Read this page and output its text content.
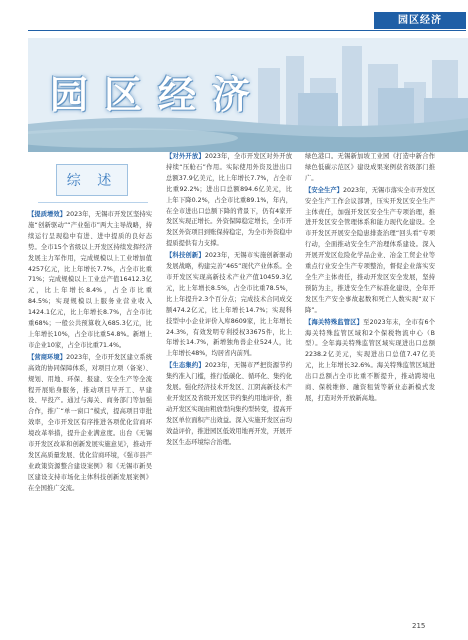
园区经济
园区经济
综 述

【提质增效】2023年，无锡市开发区坚持实施“创新驱动”“产业强市”两大主导战略，持续运行呈现稳中有进、进中提质的良好态势。全市15个省级以上开发区持续发挥经济发展主力军作用，完成规模以上工业增加值4257亿元，比上年增长7.7%，占全市比重71%；完成规模以上工业总产值16412.3亿元，比上年增长8.4%，占全市比重84.5%；实现规模以上服务业营业收入1424.1亿元，比上年增长8.7%，占全市比重68%；一般公共预算收入685.3亿元，比上年增长10%，占全市比重54.8%。新增上市企业10家，占全市比重71.4%。

【营商环境】2023年，全市开发区建立系统高效的协同保障体系，对项目立项（备案）、规划、用地、环保、报建、安全生产等全流程开展贴身服务，推动项目早开工、早建设、早投产。通过与海关、商务部门等加强合作，推广“单一窗口”模式，提高项目审批效率，全市开发区有序推进各项优化营商环境改革举措，提升企业满意度。出台《无锡市开发区改革和创新发展实施意见》，推动开发区高质量发展、优化营商环境，《强市县产业政策资源整合建设案例》和《无锡市新吴区建设支持市场化主体科技创新发展案例》在全国推广交流。

【对外开放】2023年，全市开发区对外开放持续“压舱石”作用。实际使用外资及进出口总额37.9亿美元，比上年增长7.7%，占全市比重92.2%；进出口总额894.6亿美元，比上年下降0.2%，占全市比重89.1%，年内，在全市进出口总额下降的背景下，仍有4家开发区实现正增长。外资保障稳定增长，全市开发区外资项目到账保持稳定，为全市外资稳中提质提供有力支撑。

【科技创新】2023年，无锡市实施创新驱动发展战略，构建完善“465”现代产业体系。全市开发区实现高新技术产业产值10459.3亿元，比上年增长8.5%，占全市比重78.5%，比上年提升2.3个百分点；完成技术合同成交额474.2亿元，比上年增长14.7%；实现科技型中小企业评价入库8609家，比上年增长24.3%，有效发明专利授权33675件，比上年增长14.7%，新增独角兽企业524人，比上年增长48%，均居省内前列。

【生态集约】2023年，无锡市严把资源节约集约准入门槛，推行低碳化、循环化、集约化发展。强化经济技术开发区、江阴高新技术产业开发区及省级开发区节约集约用地评价，推动开发区实现由粗放型向集约型转变，提高开发区单位面积产出效益。深入实施开发区亩均效益评价，推进园区低效用地再开发，开展开发区生态环境综合治理。

绿色港口。无锡新加坡工业园《打造中新合作绿色低碳示范区》建设成果案例获省级部门推广。

【安全生产】2023年，无锡市落实全市开发区安全生产工作会议部署，压实开发区安全生产主体责任，加强开发区安全生产专项治理，推进开发区安全管理体系和能力现代化建设。全市开发区开展安全隐患排查治理“回头看”专项行动，全面推动安全生产治理体系建设。深入开展开发区危险化学品企业、冶金工贸企业等重点行业安全生产专项整治，督促企业落实安全生产主体责任，推动开发区安全发展，坚持预防为主，推进安全生产标准化建设，全年开发区生产安全事故起数和死亡人数实现“双下降”。

【海关特殊监管区】至2023年末，全市有6个海关特殊监管区域和2个保税物流中心（B型）。全年海关特殊监管区域实现进出口总额2238.2亿美元，实现进出口总值7.47亿美元，比上年增长32.6%。海关特殊监管区域进出口总额占全市比重不断提升，推动跨境电商、保税维修、融资租赁等新业态新模式发展，打造对外开放新高地。

215
